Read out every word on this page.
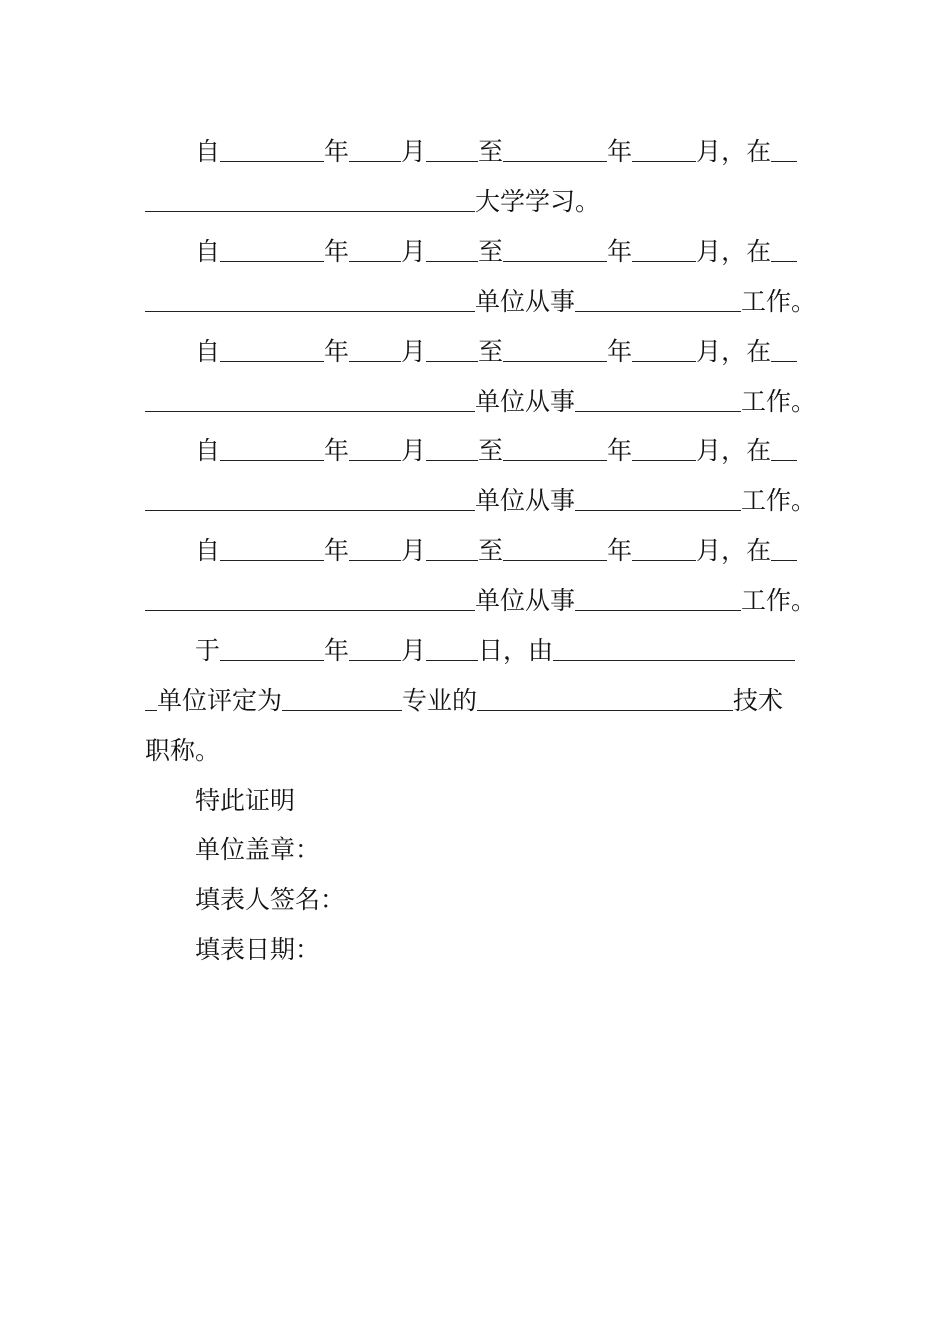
自	年 月 至	年	月，在
大学学习。
自	年 月 至	年	月，在
单位从事	工作。
自	年 月 至	年	月，在
单位从事	工作。
自	年 月 至	年	月，在
单位从事	工作。
自	年 月 至	年	月，在
单位从事	工作。
于	年 月 日，由
单位评定为	专业的	技术
职称。
特此证明
单位盖章：
填表人签名：
填表日期：
